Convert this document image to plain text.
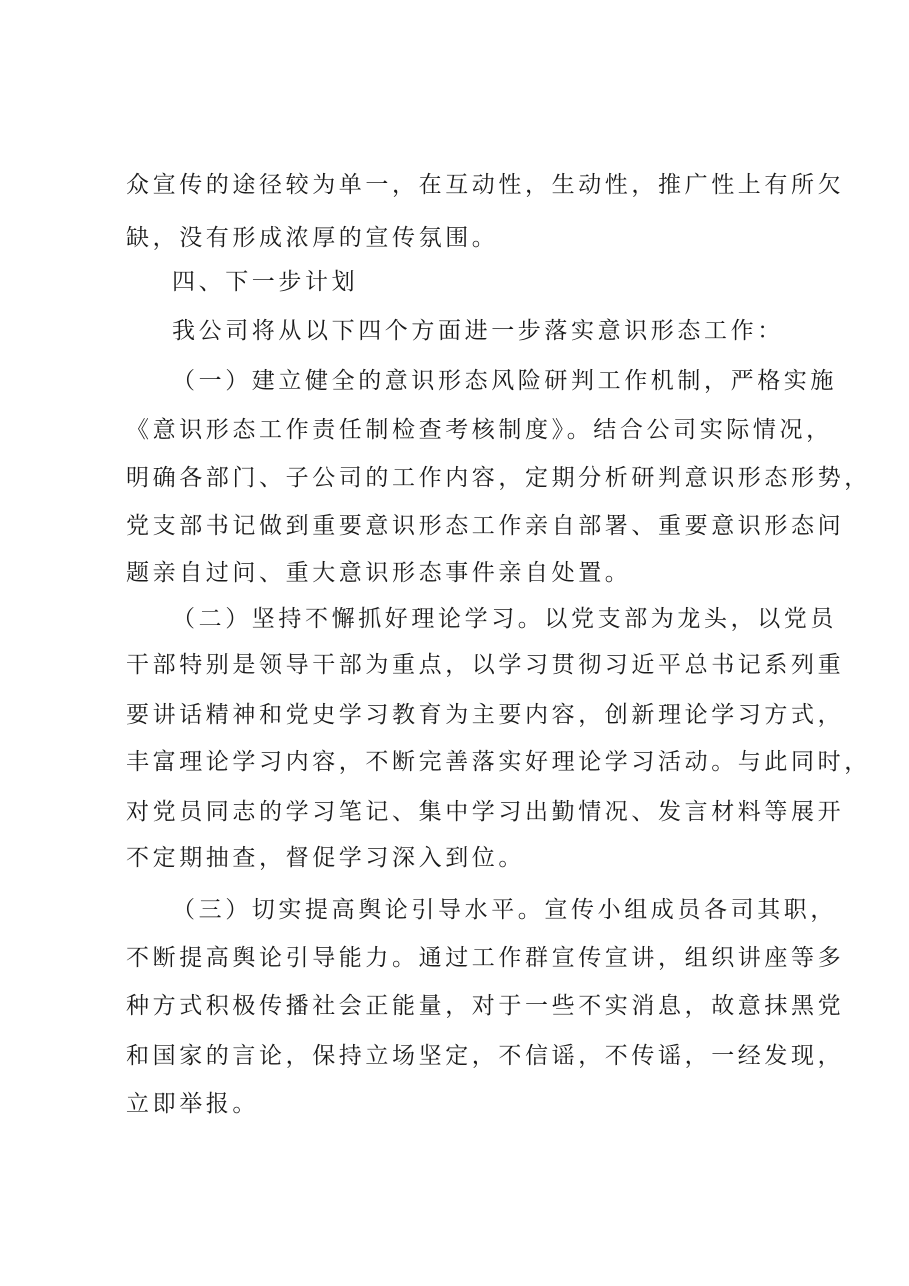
众宣传的途径较为单一，在互动性，生动性，推广性上有所欠
缺，没有形成浓厚的宣传氛围。
四、下一步计划
我公司将从以下四个方面进一步落实意识形态工作：
（一）建立健全的意识形态风险研判工作机制，严格实施
《意识形态工作责任制检查考核制度》。结合公司实际情况，
明确各部门、子公司的工作内容，定期分析研判意识形态形势，
党支部书记做到重要意识形态工作亲自部署、重要意识形态问
题亲自过问、重大意识形态事件亲自处置。
（二）坚持不懈抓好理论学习。以党支部为龙头，以党员
干部特别是领导干部为重点，以学习贯彻习近平总书记系列重
要讲话精神和党史学习教育为主要内容，创新理论学习方式，
丰富理论学习内容，不断完善落实好理论学习活动。与此同时，
对党员同志的学习笔记、集中学习出勤情况、发言材料等展开
不定期抽查，督促学习深入到位。
（三）切实提高舆论引导水平。宣传小组成员各司其职，
不断提高舆论引导能力。通过工作群宣传宣讲，组织讲座等多
种方式积极传播社会正能量，对于一些不实消息，故意抹黑党
和国家的言论，保持立场坚定，不信谣，不传谣，一经发现，
立即举报。
